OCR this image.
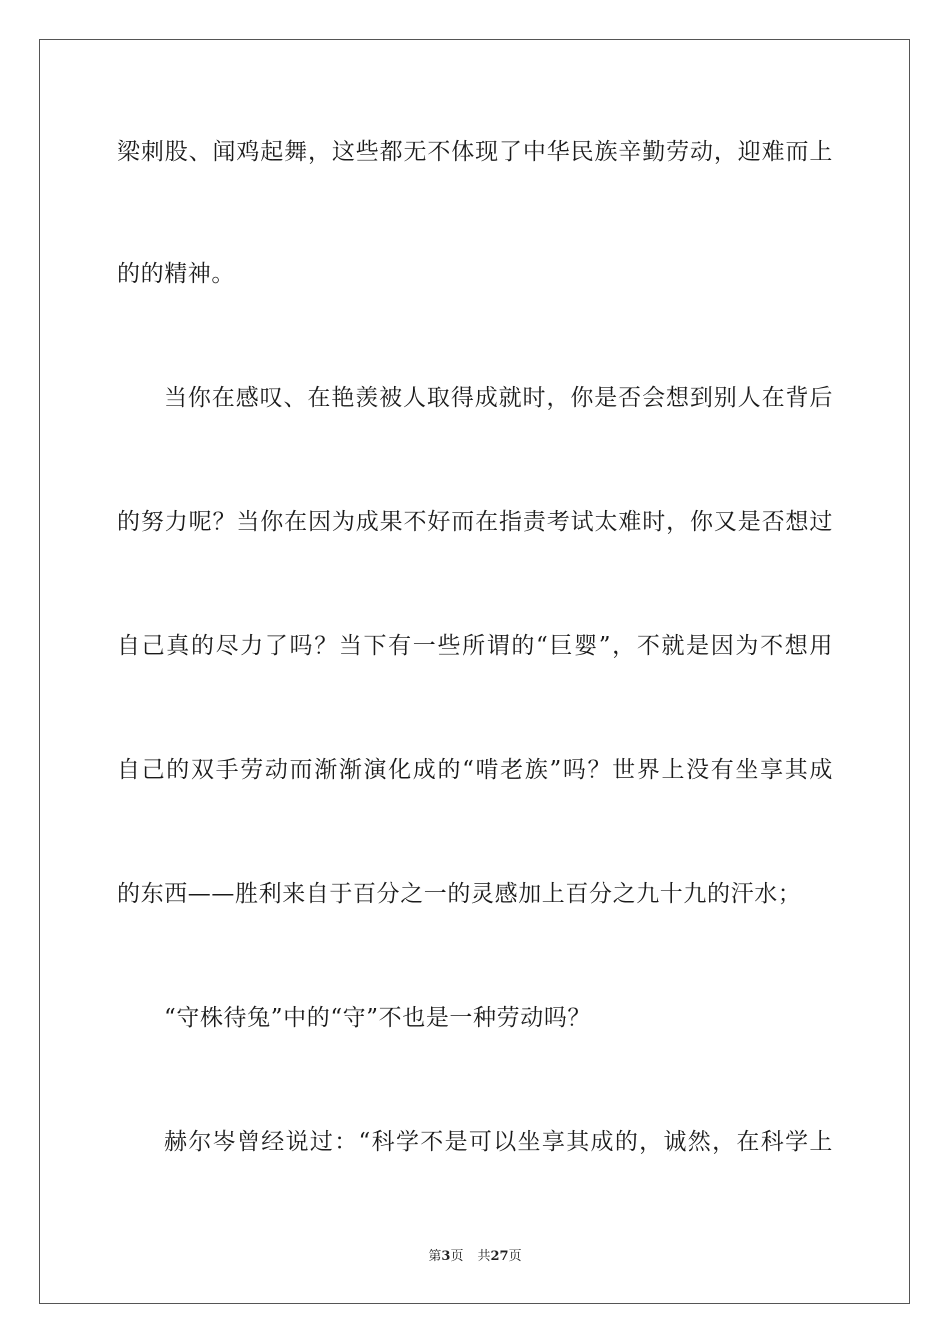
梁刺股、闻鸡起舞，这些都无不体现了中华民族辛勤劳动，迎难而上
的的精神。
当你在感叹、在艳羡被人取得成就时，你是否会想到别人在背后
的努力呢？当你在因为成果不好而在指责考试太难时，你又是否想过
自己真的尽力了吗？当下有一些所谓的“巨婴”，不就是因为不想用
自己的双手劳动而渐渐演化成的“啃老族”吗？世界上没有坐享其成
的东西——胜利来自于百分之一的灵感加上百分之九十九的汗水；
“守株待兔”中的“守”不也是一种劳动吗？
赫尔岑曾经说过：“科学不是可以坐享其成的，诚然，在科学上
第3页 共27页
